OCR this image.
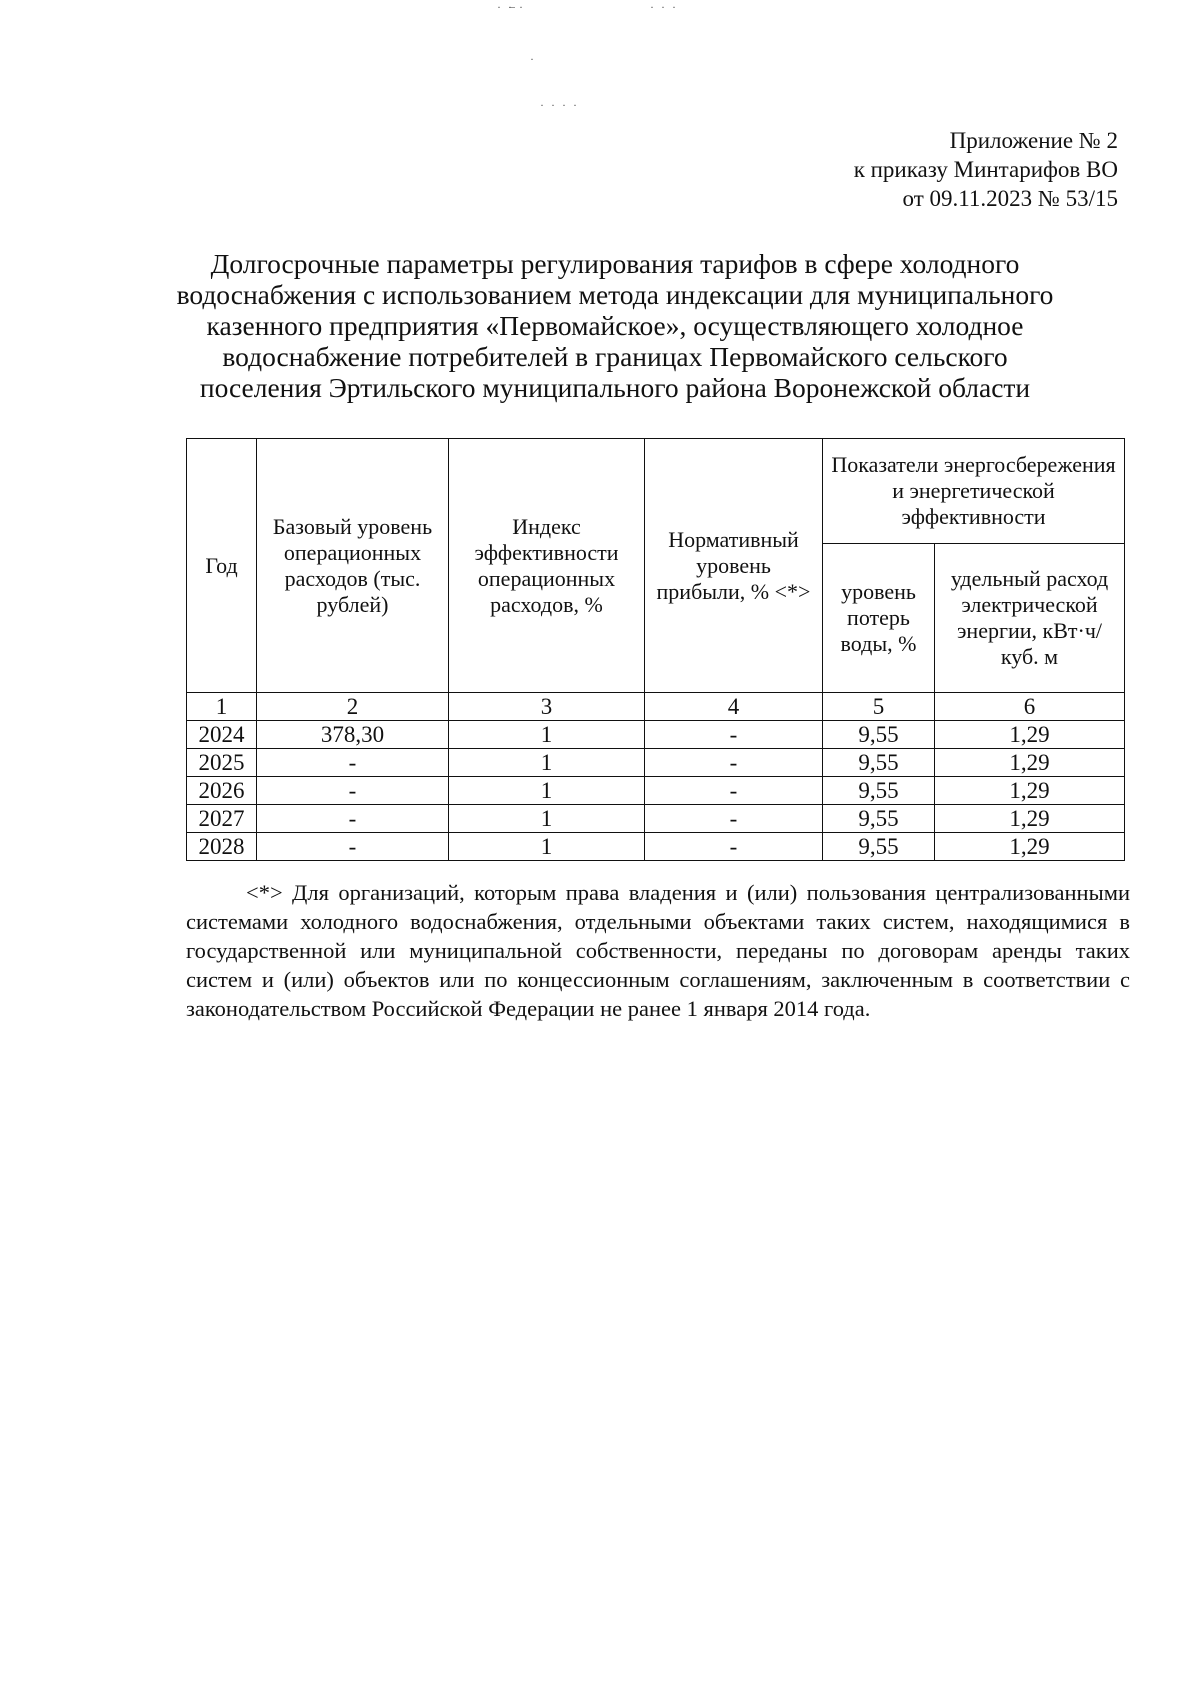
· ·̶ ·	· · ·
·
· · · ·
Приложение № 2
к приказу Минтарифов ВО
от 09.11.2023 № 53/15
Долгосрочные параметры регулирования тарифов в сфере холодного
водоснабжения с использованием метода индексации для муниципального
казенного предприятия «Первомайское», осуществляющего холодное
водоснабжение потребителей в границах Первомайского сельского
поселения Эртильского муниципального района Воронежской области
Год	Базовый уровень операционных расходов (тыс. рублей)	Индекс эффективности операционных расходов, %	Нормативный уровень прибыли, % <*>	Показатели энергосбережения и энергетической эффективности	
				уровень потерь воды, %	удельный расход электрической энергии, кВт·ч/куб. м
1	2	3	4	5	6
2024	378,30	1	-	9,55	1,29
2025	-	1	-	9,55	1,29
2026	-	1	-	9,55	1,29
2027	-	1	-	9,55	1,29
2028	-	1	-	9,55	1,29
<*> Для организаций, которым права владения и (или) пользования централизованными системами холодного водоснабжения, отдельными объектами таких систем, находящимися в государственной или муниципальной собственности, переданы по договорам аренды таких систем и (или) объектов или по концессионным соглашениям, заключенным в соответствии с законодательством Российской Федерации не ранее 1 января 2014 года.
